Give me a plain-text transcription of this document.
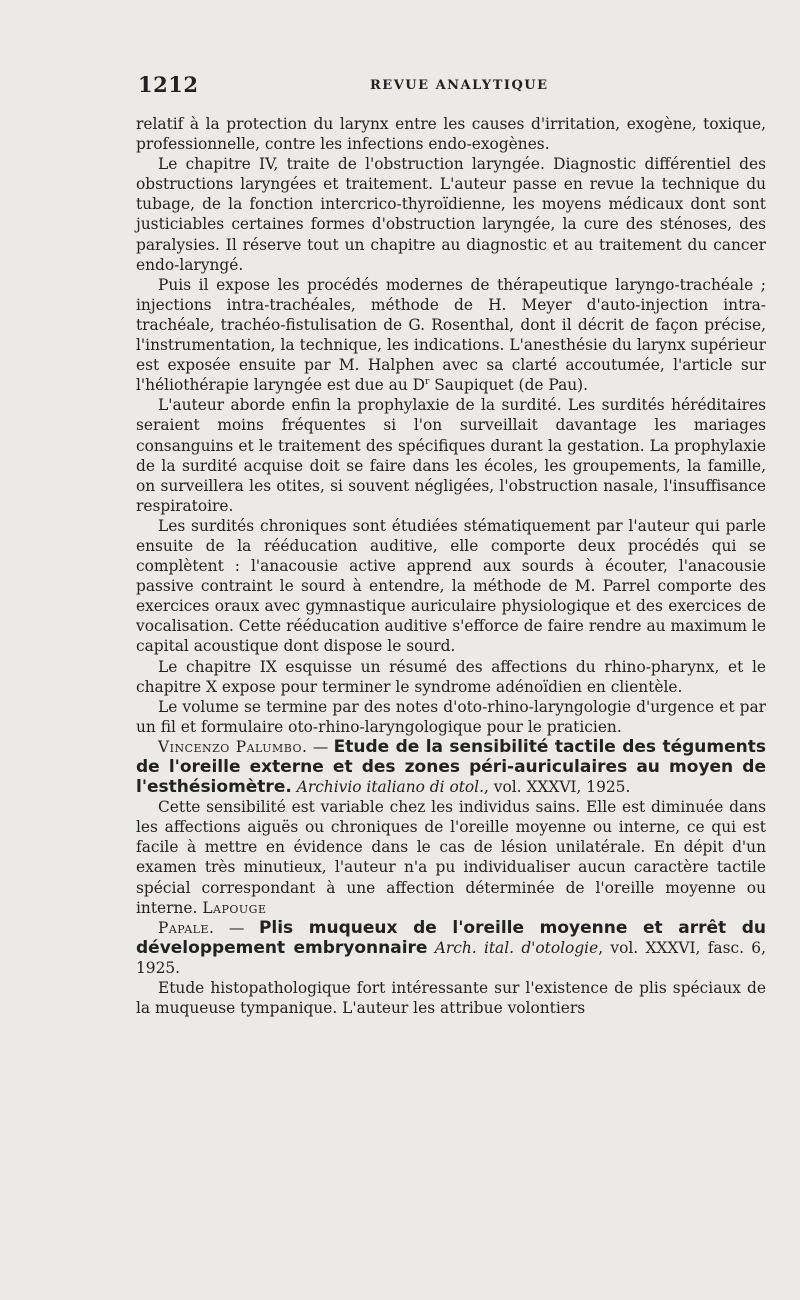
1212	REVUE ANALYTIQUE

relatif à la protection du larynx entre les causes d'irritation, exogène, toxique, professionnelle, contre les infections endo-exogènes.

Le chapitre IV, traite de l'obstruction laryngée. Diagnostic différentiel des obstructions laryngées et traitement. L'auteur passe en revue la technique du tubage, de la fonction intercrico-thyroïdienne, les moyens médicaux dont sont justiciables certaines formes d'obstruction laryngée, la cure des sténoses, des paralysies. Il réserve tout un chapitre au diagnostic et au traitement du cancer endo-laryngé.

Puis il expose les procédés modernes de thérapeutique laryngo-trachéale ; injections intra-trachéales, méthode de H. Meyer d'auto-injection intra-trachéale, trachéo-fistulisation de G. Rosenthal, dont il décrit de façon précise, l'instrumentation, la technique, les indications. L'anesthésie du larynx supérieur est exposée ensuite par M. Halphen avec sa clarté accoutumée, l'article sur l'héliothérapie laryngée est due au $D^r$ Saupiquet (de Pau).

L'auteur aborde enfin la prophylaxie de la surdité. Les surdités héréditaires seraient moins fréquentes si l'on surveillait davantage les mariages consanguins et le traitement des spécifiques durant la gestation. La prophylaxie de la surdité acquise doit se faire dans les écoles, les groupements, la famille, on surveillera les otites, si souvent négligées, l'obstruction nasale, l'insuffisance respiratoire.

Les surdités chroniques sont étudiées stématiquement par l'auteur qui parle ensuite de la rééducation auditive, elle comporte deux procédés qui se complètent : l'anacousie active apprend aux sourds à écouter, l'anacousie passive contraint le sourd à entendre, la méthode de M. Parrel comporte des exercices oraux avec gymnastique auriculaire physiologique et des exercices de vocalisation. Cette rééducation auditive s'efforce de faire rendre au maximum le capital acoustique dont dispose le sourd.

Le chapitre IX esquisse un résumé des affections du rhino-pharynx, et le chapitre X expose pour terminer le syndrome adénoïdien en clientèle.

Le volume se termine par des notes d'oto-rhino-laryngologie d'urgence et par un fil et formulaire oto-rhino-laryngologique pour le praticien.

Vincenzo Palumbo. — Etude de la sensibilité tactile des téguments de l'oreille externe et des zones péri-auriculaires au moyen de l'esthésiomètre. Archivio italiano di otol., vol. XXXVI, 1925.

Cette sensibilité est variable chez les individus sains. Elle est diminuée dans les affections aiguës ou chroniques de l'oreille moyenne ou interne, ce qui est facile à mettre en évidence dans le cas de lésion unilatérale. En dépit d'un examen très minutieux, l'auteur n'a pu individualiser aucun caractère tactile spécial correspondant à une affection déterminée de l'oreille moyenne ou interne. Lapouge

Papale. — Plis muqueux de l'oreille moyenne et arrêt du développement embryonnaire Arch. ital. d'otologie, vol. XXXVI, fasc. 6, 1925.

Etude histopathologique fort intéressante sur l'existence de plis spéciaux de la muqueuse tympanique. L'auteur les attribue volontiers
